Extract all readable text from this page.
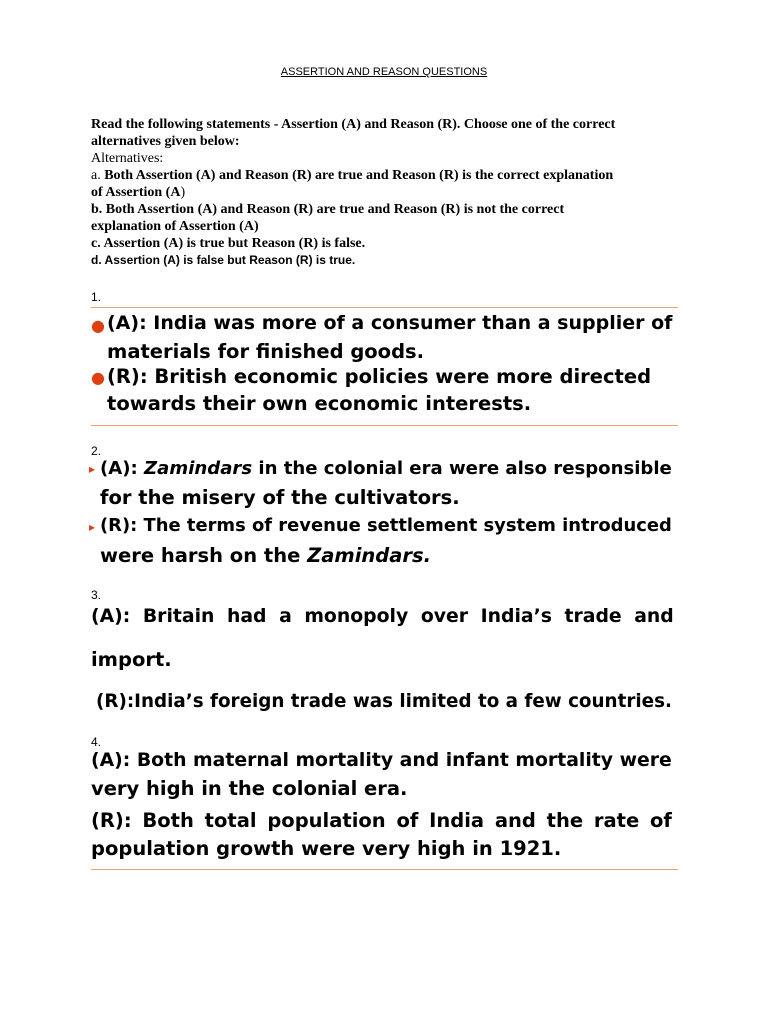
ASSERTION AND REASON QUESTIONS
Read the following statements - Assertion (A) and Reason (R). Choose one of the correct
alternatives given below:
Alternatives:
a. Both Assertion (A) and Reason (R) are true and Reason (R) is the correct explanation
of Assertion (A)
b. Both Assertion (A) and Reason (R) are true and Reason (R) is not the correct
explanation of Assertion (A)
c. Assertion (A) is true but Reason (R) is false.
d. Assertion (A) is false but Reason (R) is true.
1.
● (A): India was more of a consumer than a supplier of
materials for finished goods.
● (R): British economic policies were more directed
towards their own economic interests.
2.
▸ (A): Zamindars in the colonial era were also responsible
for the misery of the cultivators.
▸ (R): The terms of revenue settlement system introduced
were harsh on the Zamindars.
3.
(A): Britain had a monopoly over India’s trade and
import.
(R):India’s foreign trade was limited to a few countries.
4.
(A): Both maternal mortality and infant mortality were
very high in the colonial era.
(R): Both total population of India and the rate of
population growth were very high in 1921.
